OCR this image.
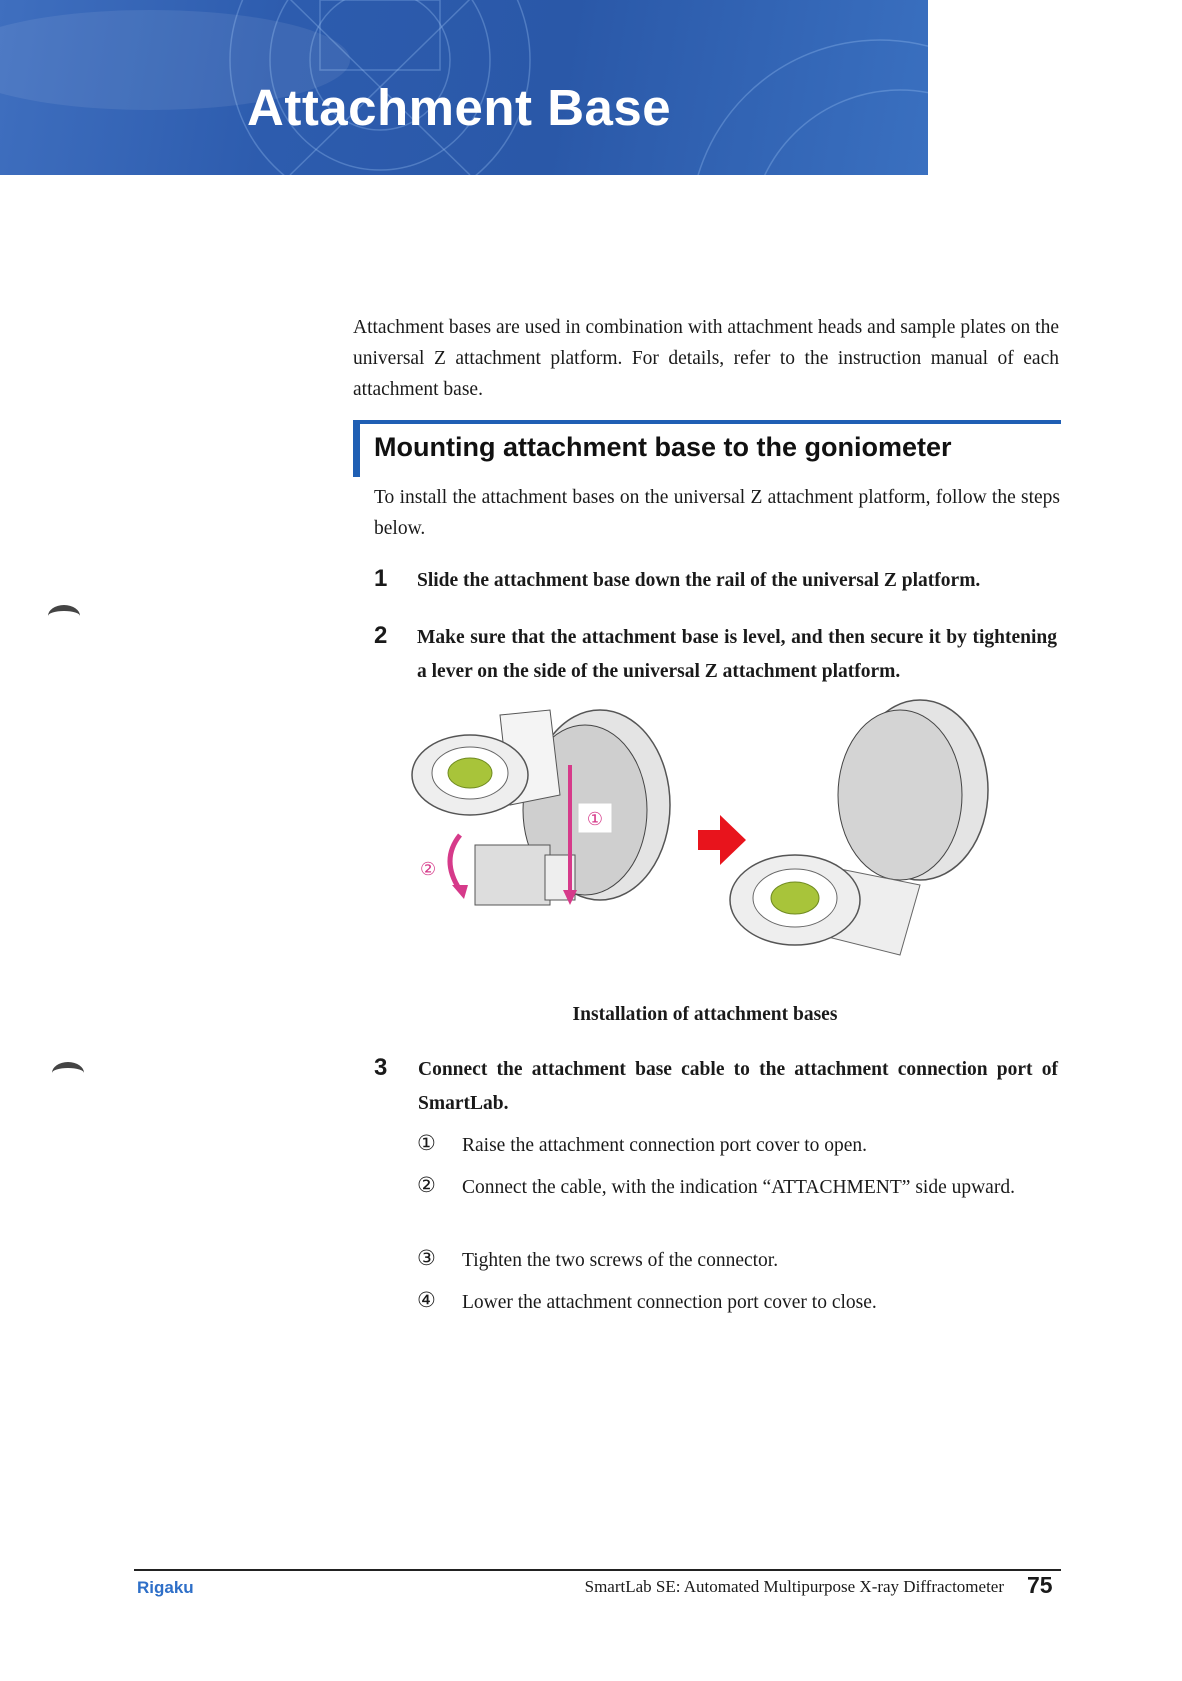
Attachment Base
Attachment bases are used in combination with attachment heads and sample plates on the universal Z attachment platform. For details, refer to the instruction manual of each attachment base.
Mounting attachment base to the goniometer
To install the attachment bases on the universal Z attachment platform, follow the steps below.
1 Slide the attachment base down the rail of the universal Z platform.
2 Make sure that the attachment base is level, and then secure it by tightening a lever on the side of the universal Z attachment platform.
①
②
Installation of attachment bases
3 Connect the attachment base cable to the attachment connection port of SmartLab.
① Raise the attachment connection port cover to open.
② Connect the cable, with the indication “ATTACHMENT” side upward.
③ Tighten the two screws of the connector.
④ Lower the attachment connection port cover to close.
Rigaku	SmartLab SE: Automated Multipurpose X-ray Diffractometer 75
